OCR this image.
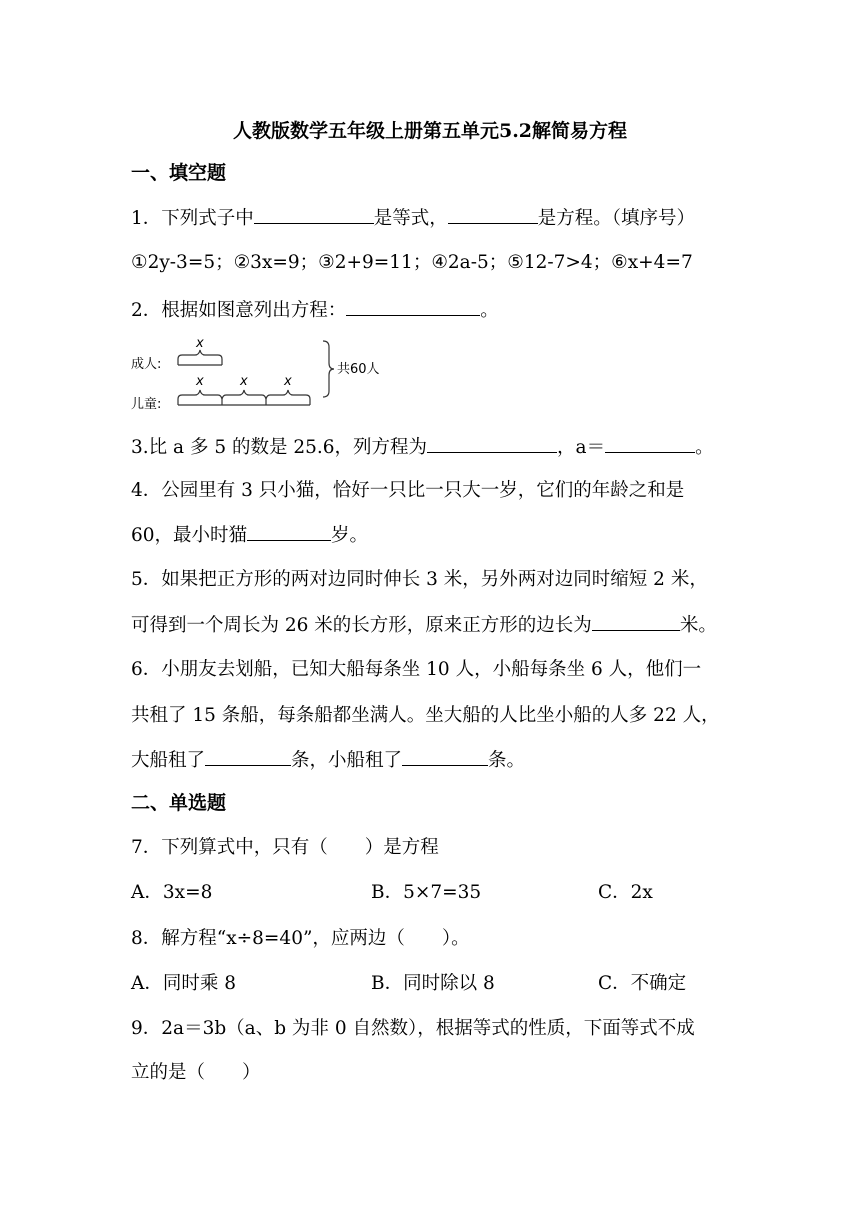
人教版数学五年级上册第五单元5.2解简易方程
一、填空题
1．下列式子中	是等式，	是方程。（填序号）
①2y-3=5；②3x=9；③2+9=11；④2a-5；⑤12-7>4；⑥x+4=7
2．根据如图意列出方程：	。
成人:
儿童:
x
x	x	x
共60人
3.比 a 多 5 的数是 25.6，列方程为	，a＝	。
4．公园里有 3 只小猫，恰好一只比一只大一岁，它们的年龄之和是
60，最小时猫	岁。
5．如果把正方形的两对边同时伸长 3 米，另外两对边同时缩短 2 米，
可得到一个周长为 26 米的长方形，原来正方形的边长为	米。
6．小朋友去划船，已知大船每条坐 10 人，小船每条坐 6 人，他们一
共租了 15 条船，每条船都坐满人。坐大船的人比坐小船的人多 22 人，
大船租了	条，小船租了	条。
二、单选题
7．下列算式中，只有（　　）是方程
A．3x=8	B．5×7=35	C．2x
8．解方程“x÷8=40”，应两边（　　）。
A．同时乘 8	B．同时除以 8	C．不确定
9．2a＝3b（a、b 为非 0 自然数），根据等式的性质，下面等式不成
立的是（　　）
